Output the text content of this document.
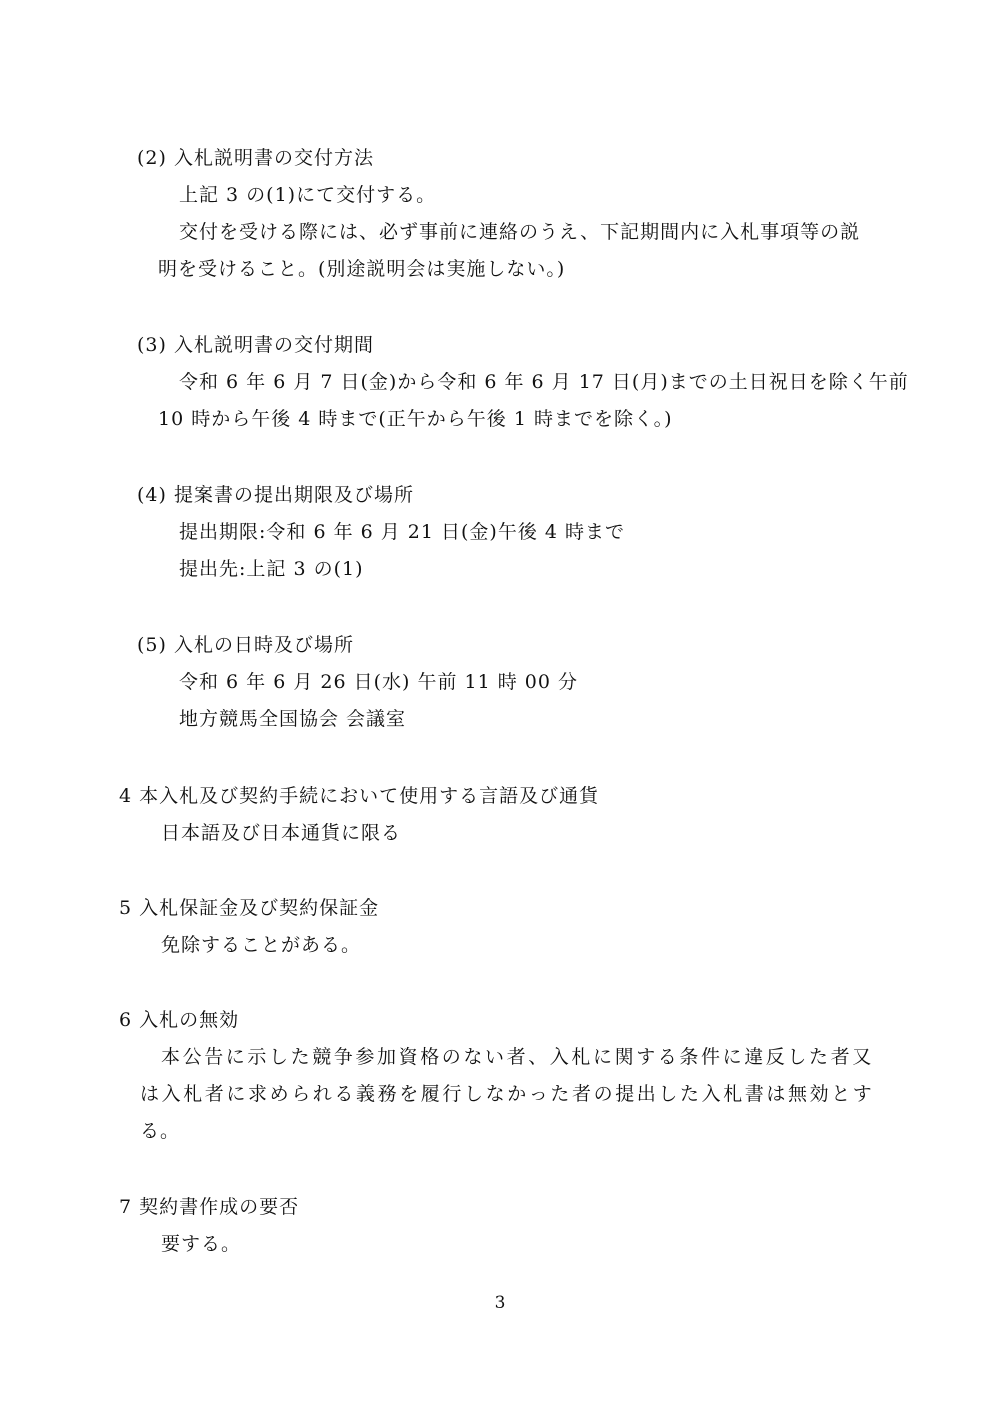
(2) 入札説明書の交付方法
上記 3 の(1)にて交付する。
交付を受ける際には、必ず事前に連絡のうえ、下記期間内に入札事項等の説
明を受けること。(別途説明会は実施しない。)
(3) 入札説明書の交付期間
令和 6 年 6 月 7 日(金)から令和 6 年 6 月 17 日(月)までの土日祝日を除く午前
10 時から午後 4 時まで(正午から午後 1 時までを除く。)
(4) 提案書の提出期限及び場所
提出期限:令和 6 年 6 月 21 日(金)午後 4 時まで
提出先:上記 3 の(1)
(5) 入札の日時及び場所
令和 6 年 6 月 26 日(水) 午前 11 時 00 分
地方競馬全国協会 会議室
4 本入札及び契約手続において使用する言語及び通貨
日本語及び日本通貨に限る
5 入札保証金及び契約保証金
免除することがある。
6 入札の無効
本公告に示した競争参加資格のない者、入札に関する条件に違反した者又
は入札者に求められる義務を履行しなかった者の提出した入札書は無効とす
る。
7 契約書作成の要否
要する。
3
